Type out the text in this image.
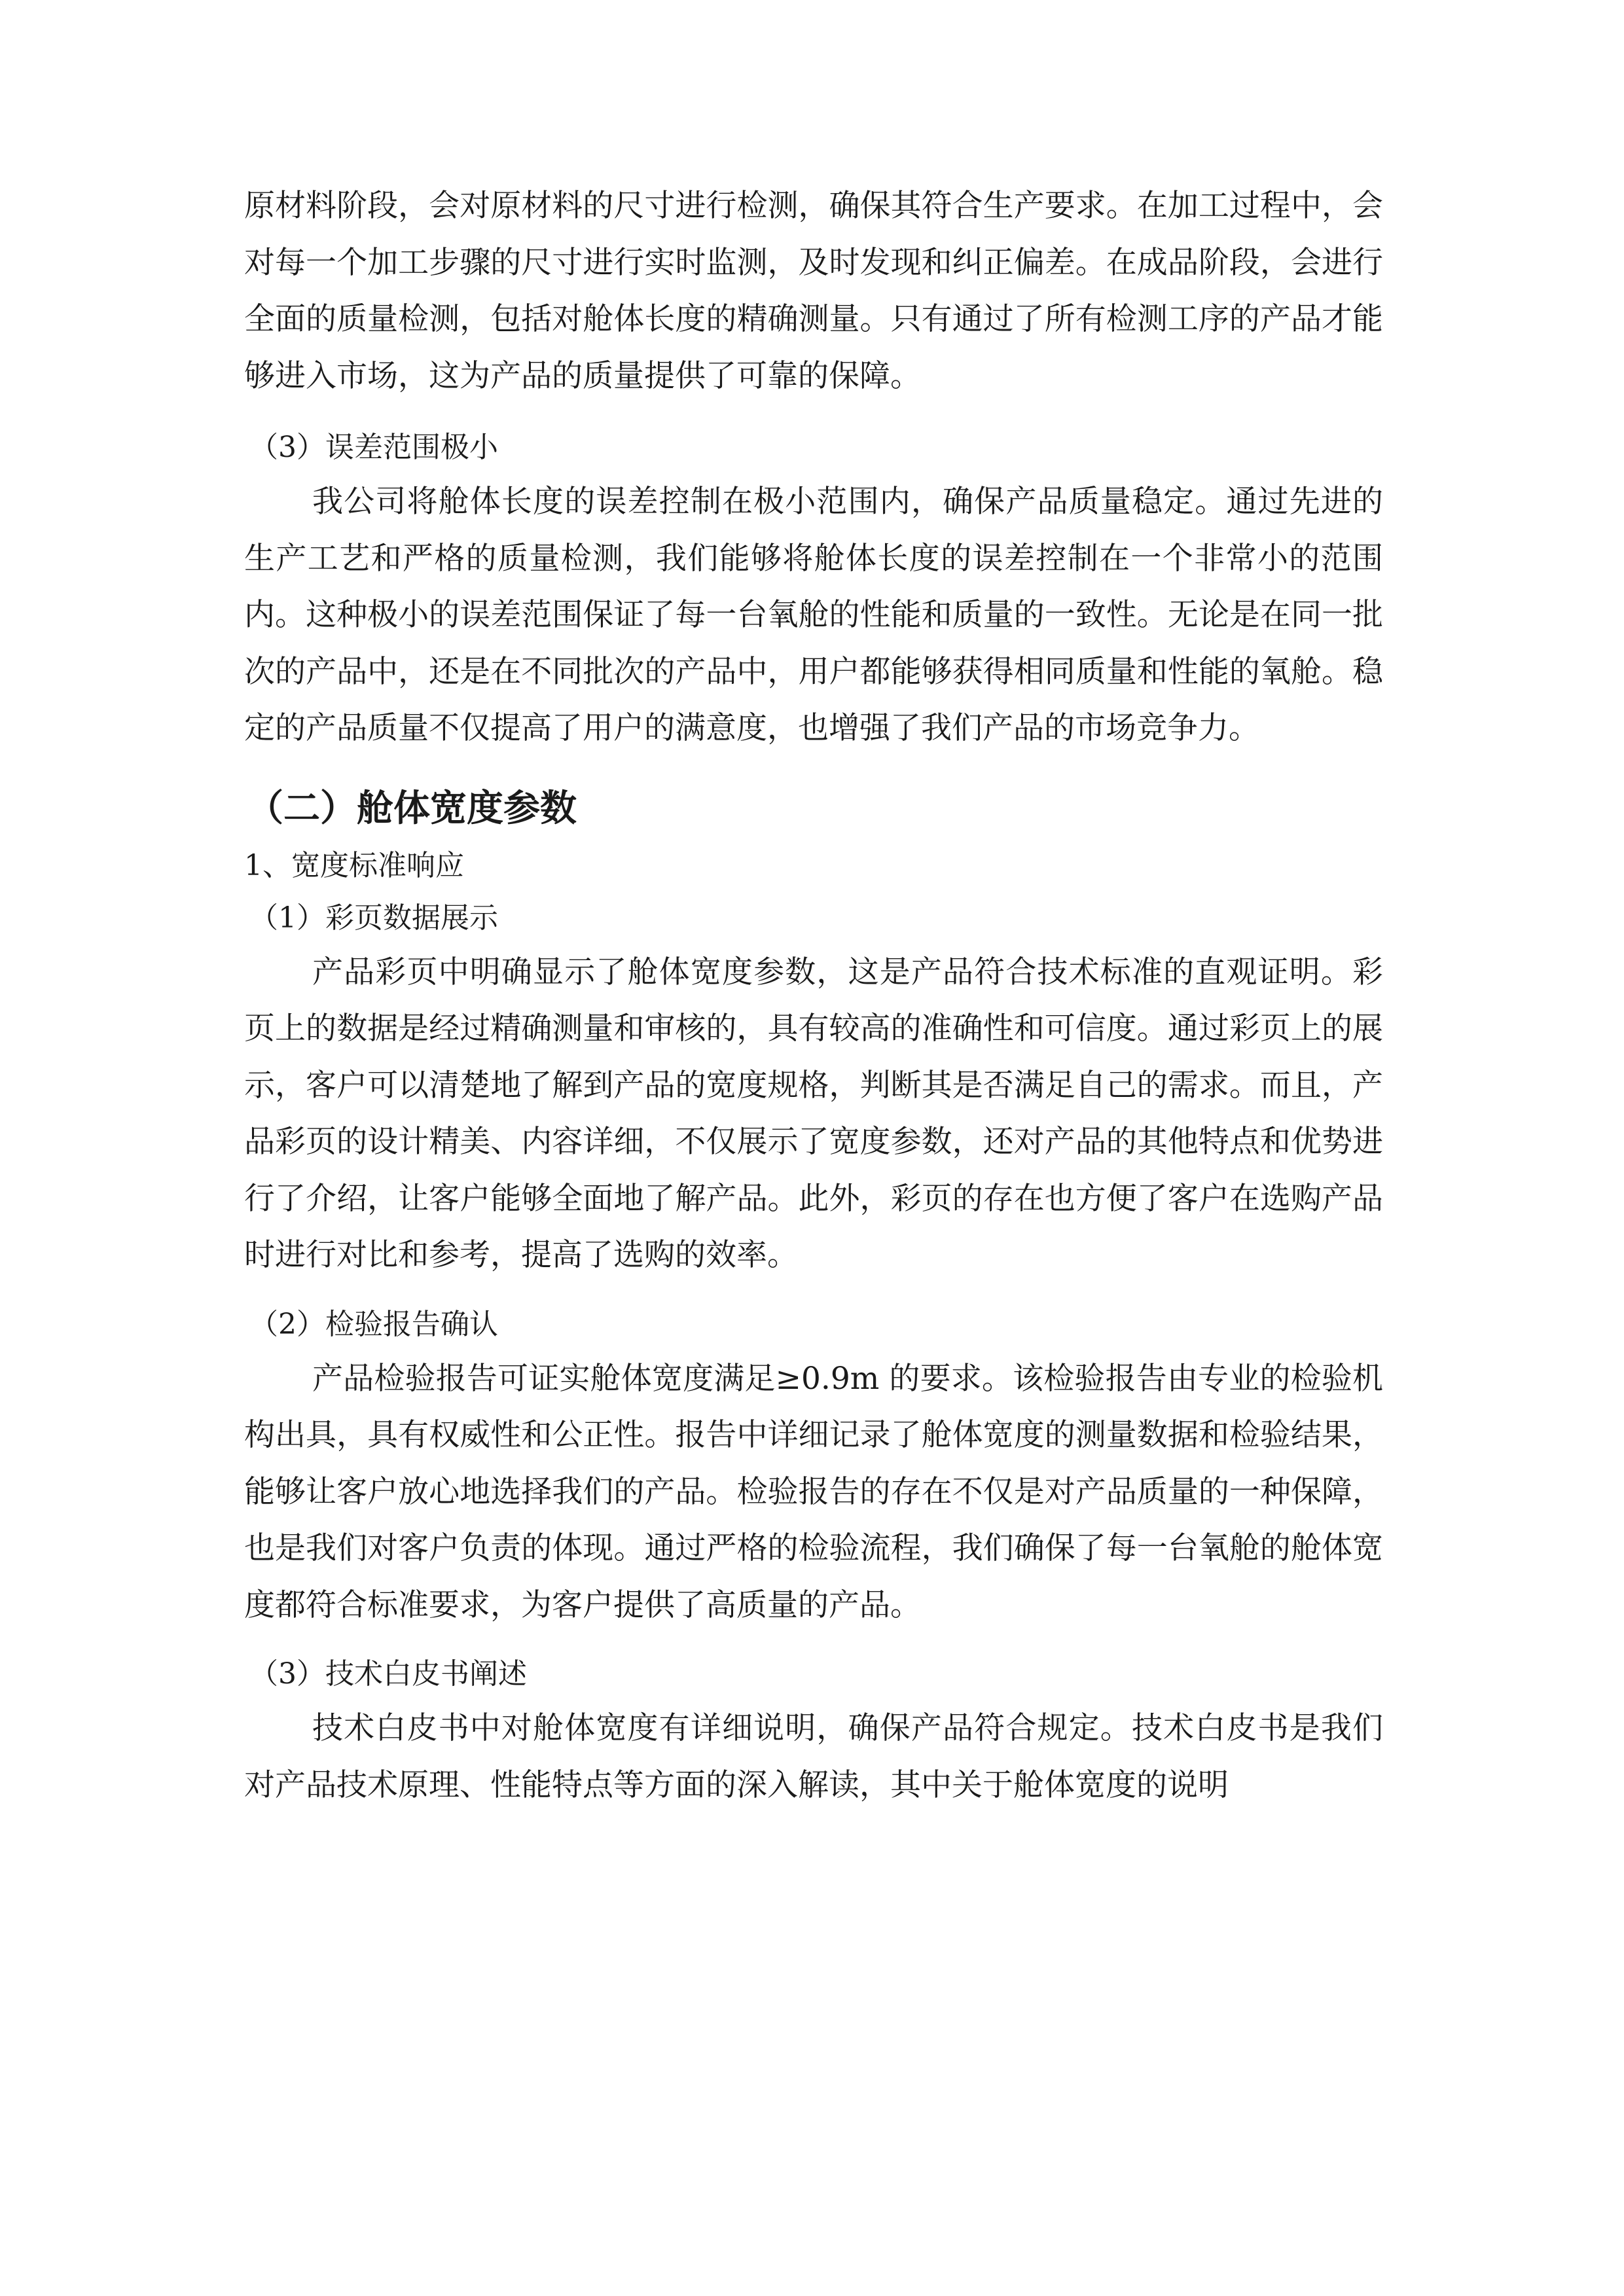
原材料阶段，会对原材料的尺寸进行检测，确保其符合生产要求。在加工过程中，会对每一个加工步骤的尺寸进行实时监测，及时发现和纠正偏差。在成品阶段，会进行全面的质量检测，包括对舱体长度的精确测量。只有通过了所有检测工序的产品才能够进入市场，这为产品的质量提供了可靠的保障。

（3）误差范围极小

我公司将舱体长度的误差控制在极小范围内，确保产品质量稳定。通过先进的生产工艺和严格的质量检测，我们能够将舱体长度的误差控制在一个非常小的范围内。这种极小的误差范围保证了每一台氧舱的性能和质量的一致性。无论是在同一批次的产品中，还是在不同批次的产品中，用户都能够获得相同质量和性能的氧舱。稳定的产品质量不仅提高了用户的满意度，也增强了我们产品的市场竞争力。

（二）舱体宽度参数

1、宽度标准响应

（1）彩页数据展示

产品彩页中明确显示了舱体宽度参数，这是产品符合技术标准的直观证明。彩页上的数据是经过精确测量和审核的，具有较高的准确性和可信度。通过彩页上的展示，客户可以清楚地了解到产品的宽度规格，判断其是否满足自己的需求。而且，产品彩页的设计精美、内容详细，不仅展示了宽度参数，还对产品的其他特点和优势进行了介绍，让客户能够全面地了解产品。此外，彩页的存在也方便了客户在选购产品时进行对比和参考，提高了选购的效率。

（2）检验报告确认

产品检验报告可证实舱体宽度满足≥0.9m 的要求。该检验报告由专业的检验机构出具，具有权威性和公正性。报告中详细记录了舱体宽度的测量数据和检验结果，能够让客户放心地选择我们的产品。检验报告的存在不仅是对产品质量的一种保障，也是我们对客户负责的体现。通过严格的检验流程，我们确保了每一台氧舱的舱体宽度都符合标准要求，为客户提供了高质量的产品。

（3）技术白皮书阐述

技术白皮书中对舱体宽度有详细说明，确保产品符合规定。技术白皮书是我们对产品技术原理、性能特点等方面的深入解读，其中关于舱体宽度的说明
